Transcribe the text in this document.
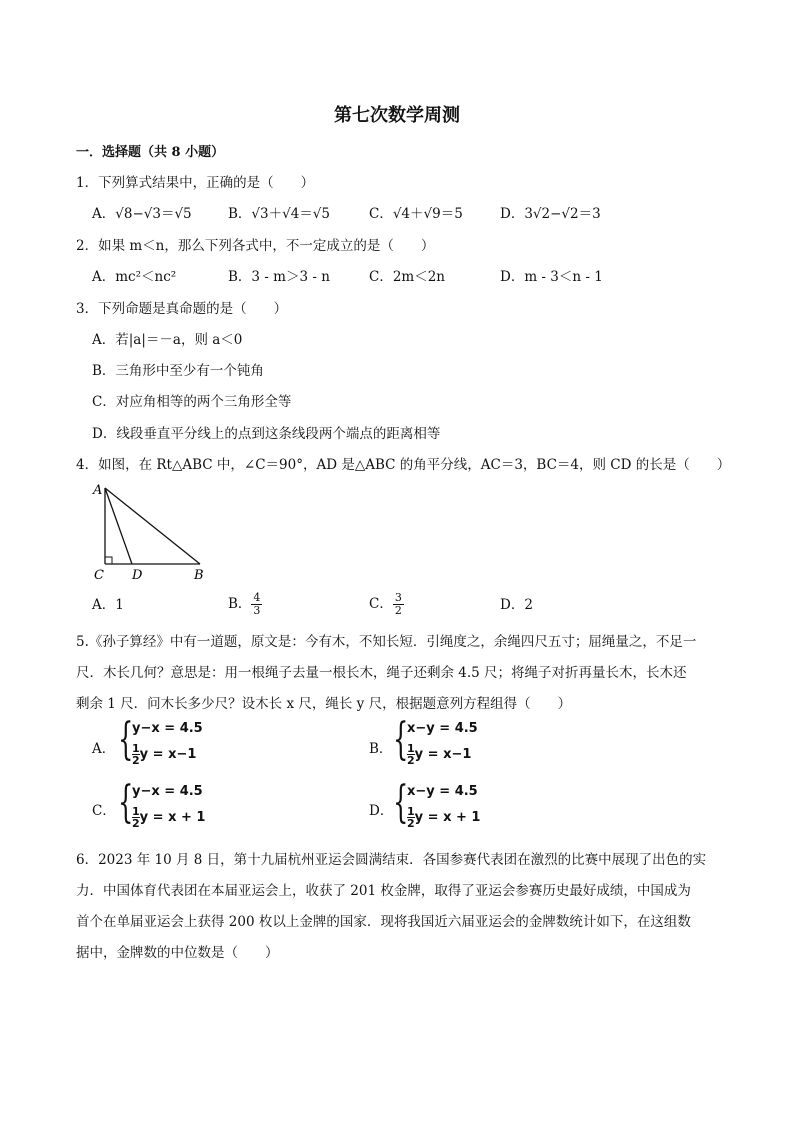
第七次数学周测
一．选择题（共 8 小题）
1．下列算式结果中，正确的是（　　）
A．√8−√3＝√5	B．√3＋√4＝√5	C．√4＋√9＝5	D．3√2−√2＝3
2．如果 m＜n，那么下列各式中，不一定成立的是（　　）
A．mc²＜nc²	B．3 - m＞3 - n	C．2m＜2n	D．m - 3＜n - 1
3．下列命题是真命题的是（　　）
A．若|a|＝－a，则 a＜0
B．三角形中至少有一个钝角
C．对应角相等的两个三角形全等
D．线段垂直平分线上的点到这条线段两个端点的距离相等
4．如图，在 Rt△ABC 中，∠C＝90°，AD 是△ABC 的角平分线，AC＝3，BC＝4，则 CD 的长是（　　）
A
C D	B
A．1	B． $\frac{4}{3}$	C． $\frac{3}{2}$	D．2
5.《孙子算经》中有一道题，原文是：今有木，不知长短．引绳度之，余绳四尺五寸；屈绳量之，不足一
尺．木长几何？意思是：用一根绳子去量一根长木，绳子还剩余 4.5 尺；将绳子对折再量长木，长木还
剩余 1 尺．问木长多少尺？设木长 x 尺，绳长 y 尺，根据题意列方程组得（　　）
A． {
y−x = 4.5
$\frac{1}{2}$ y = x−1	B． {
x−y = 4.5
$\frac{1}{2}$ y = x−1
C． {
y−x = 4.5
$\frac{1}{2}$ y = x + 1	D． {
x−y = 4.5
$\frac{1}{2}$ y = x + 1
6．2023 年 10 月 8 日，第十九届杭州亚运会圆满结束．各国参赛代表团在激烈的比赛中展现了出色的实
力．中国体育代表团在本届亚运会上，收获了 201 枚金牌，取得了亚运会参赛历史最好成绩，中国成为
首个在单届亚运会上获得 200 枚以上金牌的国家．现将我国近六届亚运会的金牌数统计如下，在这组数
据中，金牌数的中位数是（　　）
